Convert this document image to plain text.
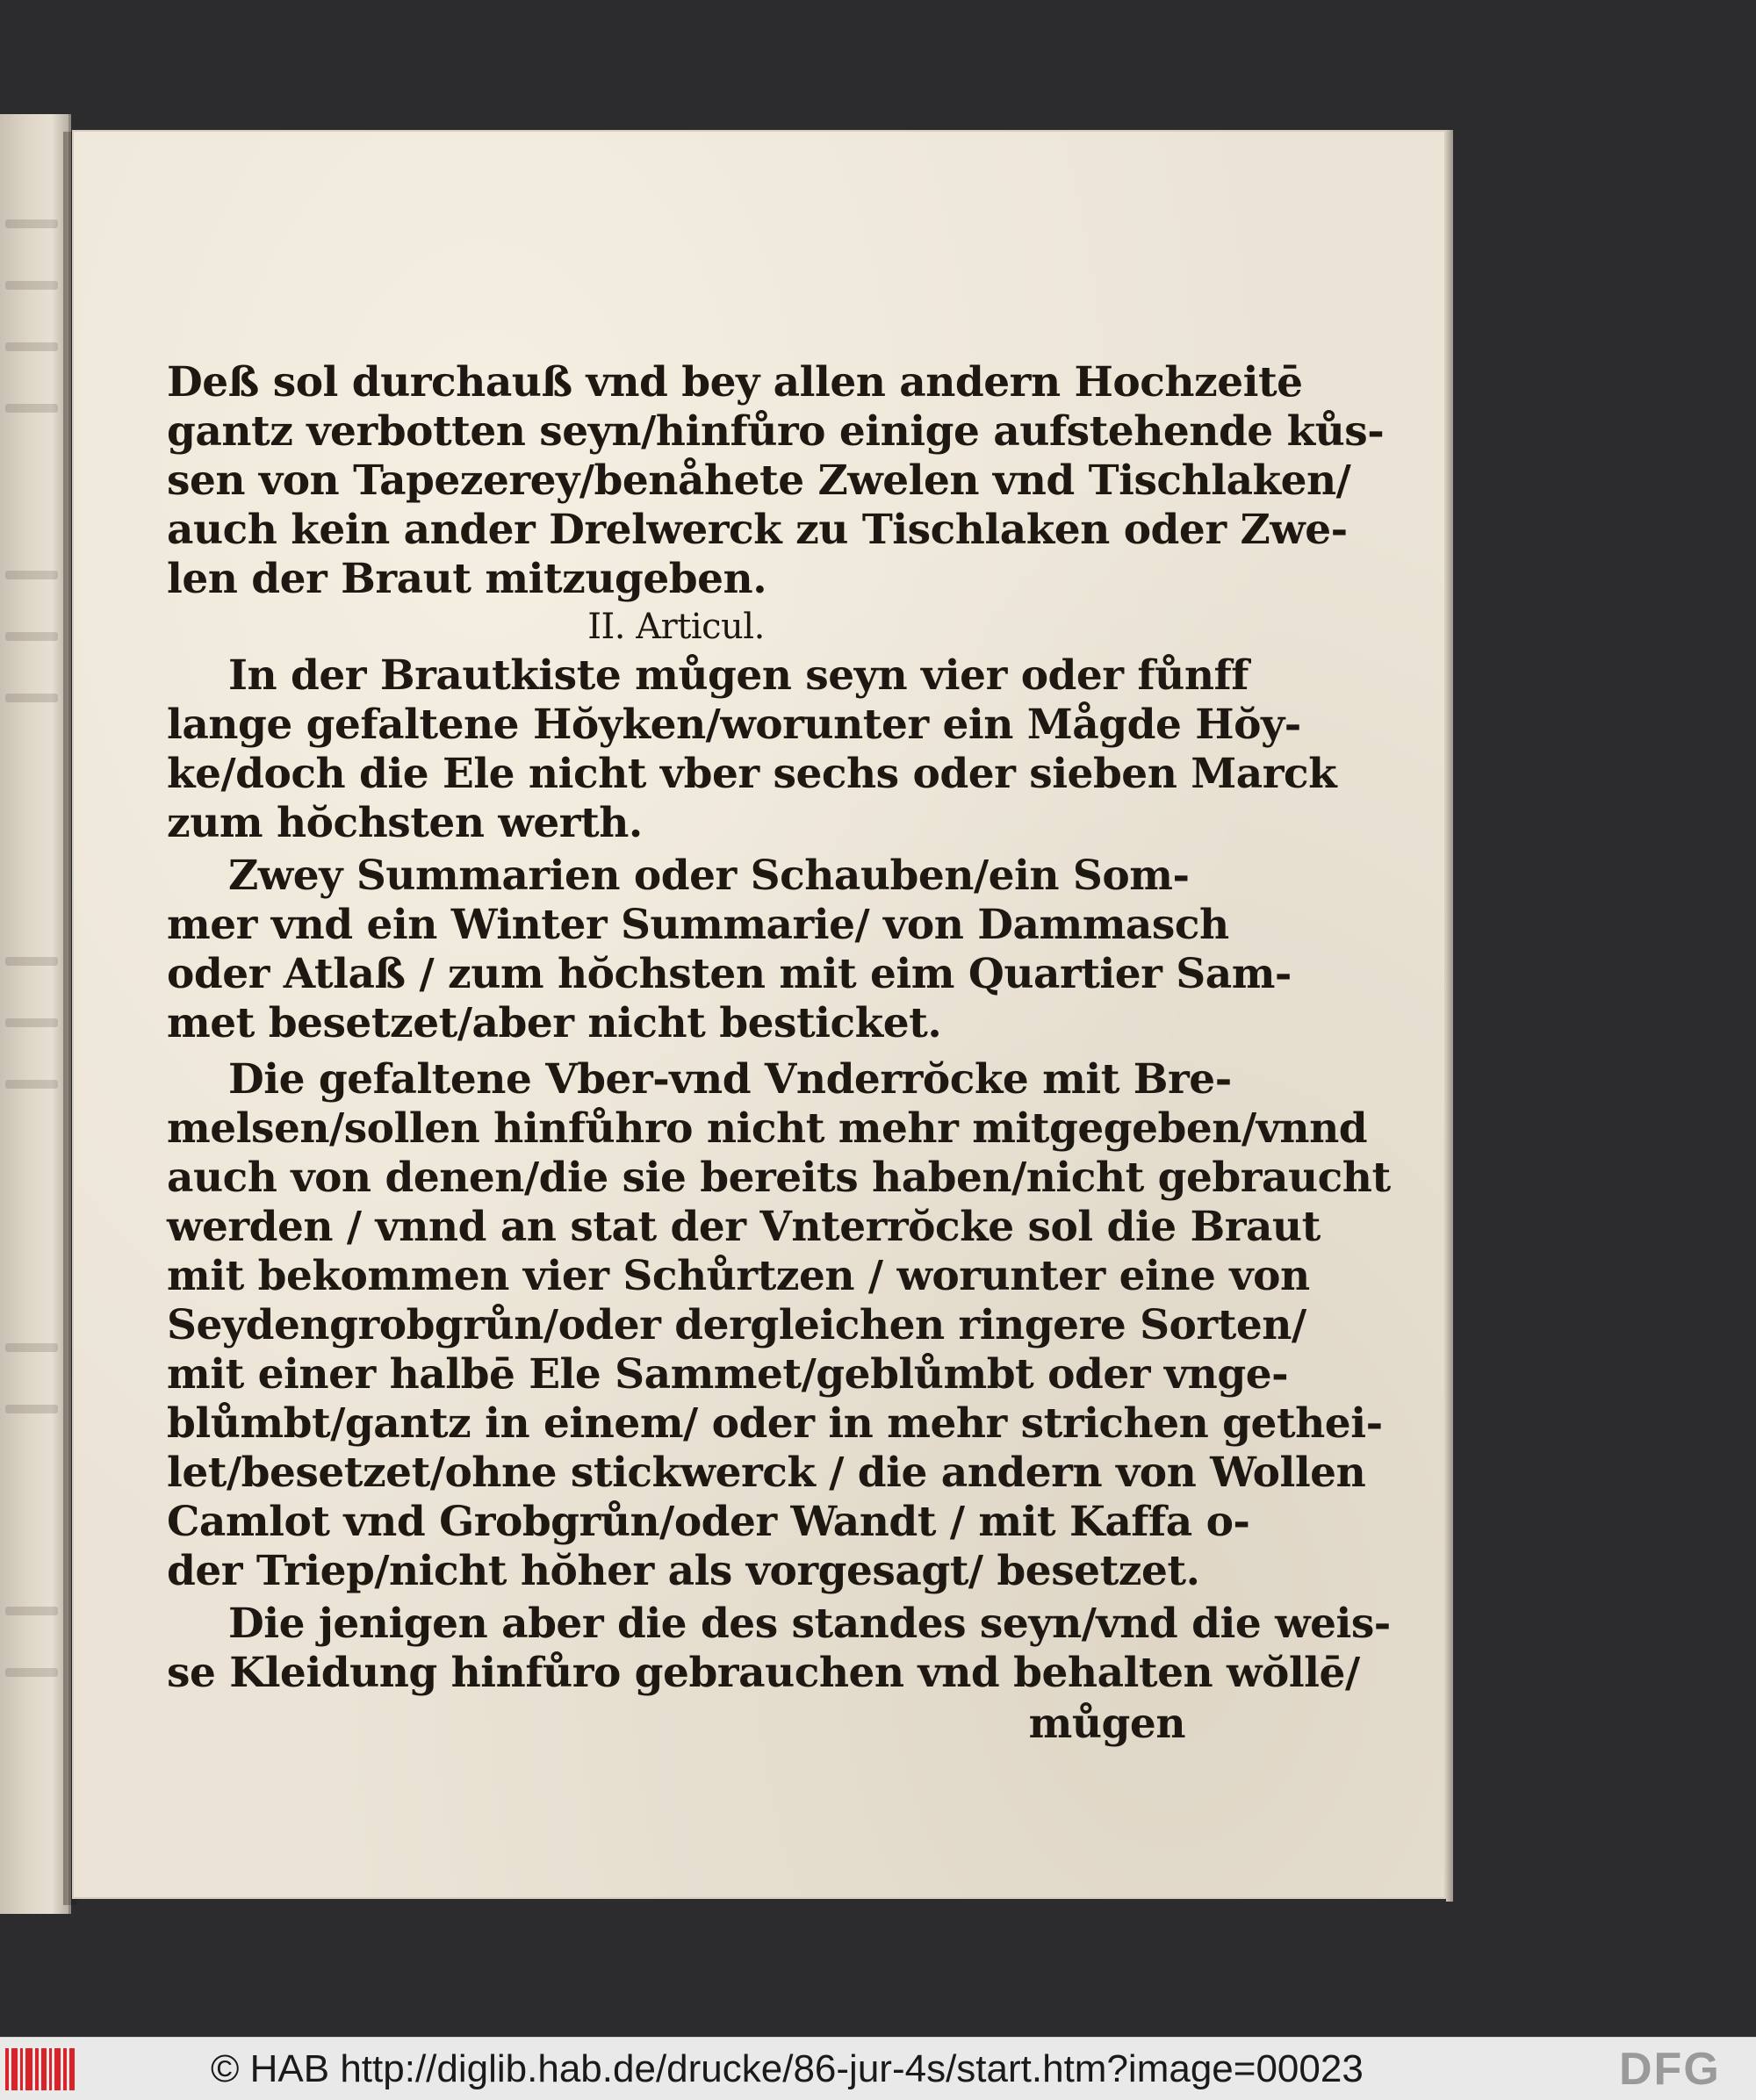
Deß sol durchauß vnd bey allen andern Hochzeitē
gantz verbotten seyn/hinfůro einige aufstehende kůs-
sen von Tapezerey/benåhete Zwelen vnd Tischlaken/
auch kein ander Drelwerck zu Tischlaken oder Zwe-
len der Braut mitzugeben.
II. Articul.
In der Brautkiste můgen seyn vier oder fůnff
lange gefaltene Hŏyken/worunter ein Mågde Hŏy-
ke/doch die Ele nicht vber sechs oder sieben Marck
zum hŏchsten werth.
Zwey Summarien oder Schauben/ein Som-
mer vnd ein Winter Summarie/ von Dammasch
oder Atlaß / zum hŏchsten mit eim Quartier Sam-
met besetzet/aber nicht besticket.
Die gefaltene Vber-vnd Vnderrŏcke mit Bre-
melsen/sollen hinfůhro nicht mehr mitgegeben/vnnd
auch von denen/die sie bereits haben/nicht gebraucht
werden / vnnd an stat der Vnterrŏcke sol die Braut
mit bekommen vier Schůrtzen / worunter eine von
Seydengrobgrůn/oder dergleichen ringere Sorten/
mit einer halbē Ele Sammet/geblůmbt oder vnge-
blůmbt/gantz in einem/ oder in mehr strichen gethei-
let/besetzet/ohne stickwerck / die andern von Wollen
Camlot vnd Grobgrůn/oder Wandt / mit Kaffa o-
der Triep/nicht hŏher als vorgesagt/ besetzet.
Die jenigen aber die des standes seyn/vnd die weis-
se Kleidung hinfůro gebrauchen vnd behalten wŏllē/
můgen
© HAB http://diglib.hab.de/drucke/86-jur-4s/start.htm?image=00023	DFG
